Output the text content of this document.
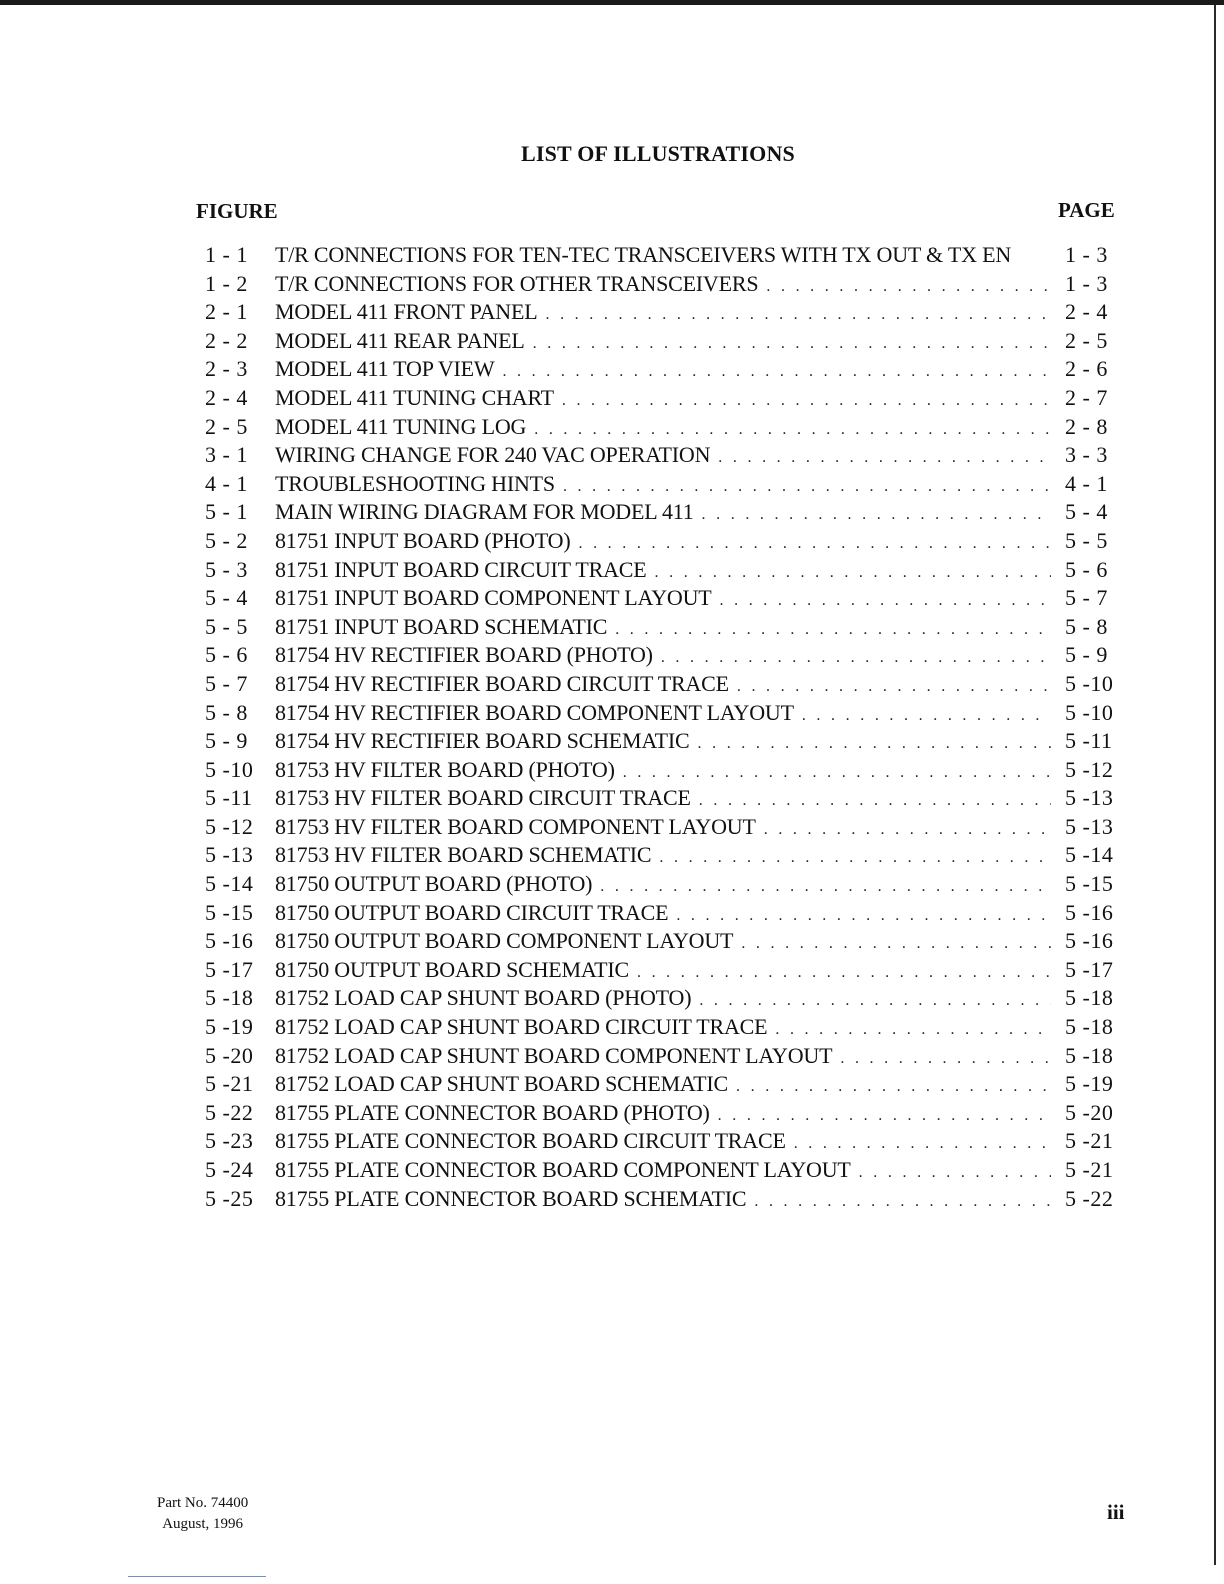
LIST OF ILLUSTRATIONS
FIGURE	PAGE
1 - 1	T/R CONNECTIONS FOR TEN-TEC TRANSCEIVERS WITH TX OUT & TX EN 1 - 3
1 - 2	T/R CONNECTIONS FOR OTHER TRANSCEIVERS . . .	1 - 3
2 - 1	MODEL 411 FRONT PANEL . . .	2 - 4
2 - 2	MODEL 411 REAR PANEL . . .	2 - 5
2 - 3	MODEL 411 TOP VIEW . . .	2 - 6
2 - 4	MODEL 411 TUNING CHART . . .	2 - 7
2 - 5	MODEL 411 TUNING LOG . . .	2 - 8
3 - 1	WIRING CHANGE FOR 240 VAC OPERATION . . .	3 - 3
4 - 1	TROUBLESHOOTING HINTS . . .	4 - 1
5 - 1	MAIN WIRING DIAGRAM FOR MODEL 411 . . .	5 - 4
5 - 2	81751 INPUT BOARD (PHOTO) . . .	5 - 5
5 - 3	81751 INPUT BOARD CIRCUIT TRACE . . .	5 - 6
5 - 4	81751 INPUT BOARD COMPONENT LAYOUT . . .	5 - 7
5 - 5	81751 INPUT BOARD SCHEMATIC . . .	5 - 8
5 - 6	81754 HV RECTIFIER BOARD (PHOTO) . . .	5 - 9
5 - 7	81754 HV RECTIFIER BOARD CIRCUIT TRACE . . .	5 -10
5 - 8	81754 HV RECTIFIER BOARD COMPONENT LAYOUT . . .	5 -10
5 - 9	81754 HV RECTIFIER BOARD SCHEMATIC . . .	5 -11
5 -10 81753 HV FILTER BOARD (PHOTO) . . .	5 -12
5 -11	81753 HV FILTER BOARD CIRCUIT TRACE . . .	5 -13
5 -12 81753 HV FILTER BOARD COMPONENT LAYOUT . . .	5 -13
5 -13 81753 HV FILTER BOARD SCHEMATIC . . .	5 -14
5 -14 81750 OUTPUT BOARD (PHOTO) . . .	5 -15
5 -15 81750 OUTPUT BOARD CIRCUIT TRACE . . .	5 -16
5 -16 81750 OUTPUT BOARD COMPONENT LAYOUT . . .	5 -16
5 -17 81750 OUTPUT BOARD SCHEMATIC . . .	5 -17
5 -18 81752 LOAD CAP SHUNT BOARD (PHOTO) . . .	5 -18
5 -19 81752 LOAD CAP SHUNT BOARD CIRCUIT TRACE . . .	5 -18
5 -20 81752 LOAD CAP SHUNT BOARD COMPONENT LAYOUT . . .	5 -18
5 -21 81752 LOAD CAP SHUNT BOARD SCHEMATIC . . .	5 -19
5 -22 81755 PLATE CONNECTOR BOARD (PHOTO) . . .	5 -20
5 -23 81755 PLATE CONNECTOR BOARD CIRCUIT TRACE . . .	5 -21
5 -24 81755 PLATE CONNECTOR BOARD COMPONENT LAYOUT . . .	5 -21
5 -25 81755 PLATE CONNECTOR BOARD SCHEMATIC . . .	5 -22
Part No. 74400
August, 1996	iii
